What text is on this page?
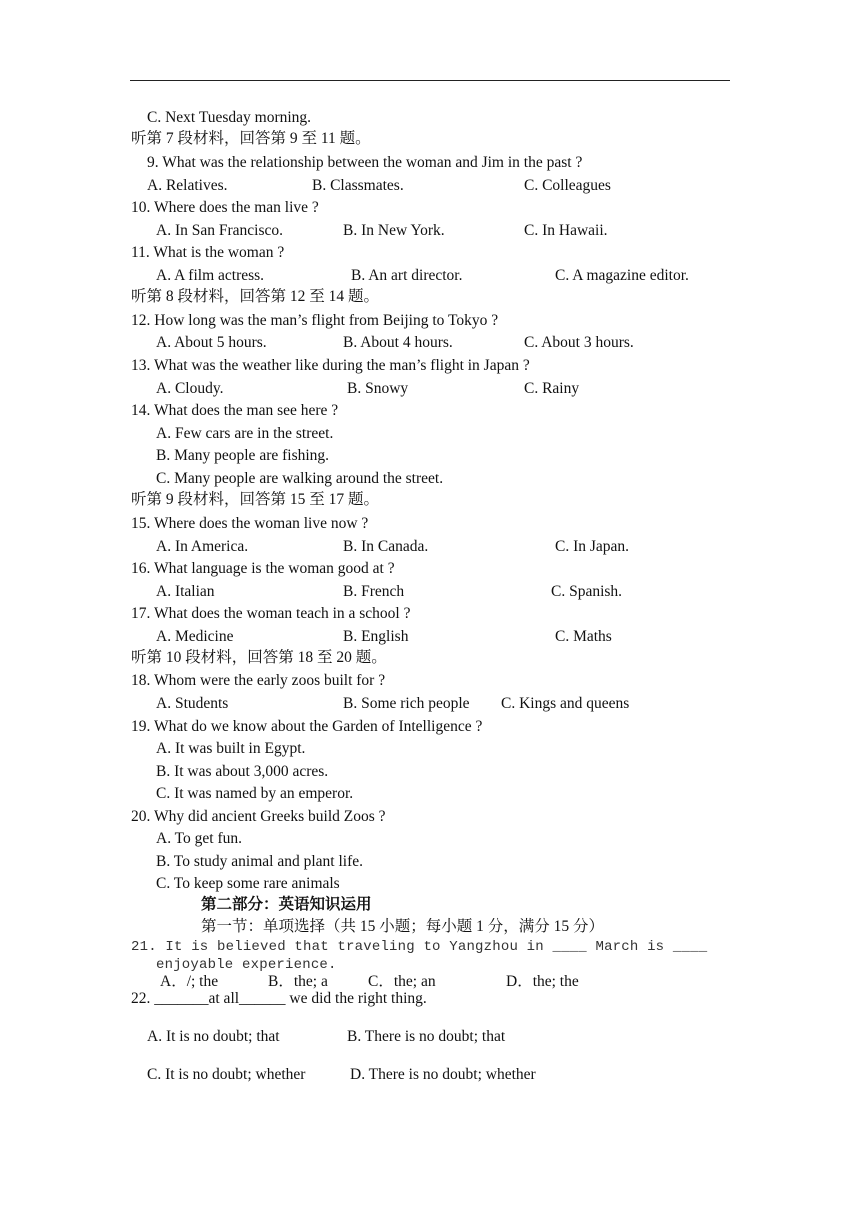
C. Next Tuesday morning.
听第 7 段材料，回答第 9 至 11 题。
9. What was the relationship between the woman and Jim in the past ?
A. Relatives.	B. Classmates.	C. Colleagues
10. Where does the man live ?
A. In San Francisco.	B. In New York.	C. In Hawaii.
11. What is the woman ?
A. A film actress.	B. An art director.	C. A magazine editor.
听第 8 段材料，回答第 12 至 14 题。
12. How long was the man’s flight from Beijing to Tokyo ?
A. About 5 hours.	B. About 4 hours.	C. About 3 hours.
13. What was the weather like during the man’s flight in Japan ?
A. Cloudy.	B. Snowy	C. Rainy
14. What does the man see here ?
A. Few cars are in the street.
B. Many people are fishing.
C. Many people are walking around the street.
听第 9 段材料，回答第 15 至 17 题。
15. Where does the woman live now ?
A. In America.	B. In Canada.	C. In Japan.
16. What language is the woman good at ?
A. Italian	B. French	C. Spanish.
17. What does the woman teach in a school ?
A. Medicine	B. English	C. Maths
听第 10 段材料，回答第 18 至 20 题。
18. Whom were the early zoos built for ?
A. Students	B. Some rich people C. Kings and queens
19. What do we know about the Garden of Intelligence ?
A. It was built in Egypt.
B. It was about 3,000 acres.
C. It was named by an emperor.
20. Why did ancient Greeks build Zoos ?
A. To get fun.
B. To study animal and plant life.
C. To keep some rare animals
第二部分：英语知识运用
第一节：单项选择（共 15 小题；每小题 1 分，满分 15 分）
21. It is believed that traveling to Yangzhou in ____ March is ____
enjoyable experience.
A．/; the	B．the; a	C．the; an	D．the; the
22. _______at all______ we did the right thing.
A. It is no doubt; that	B. There is no doubt; that
C. It is no doubt; whether	D. There is no doubt; whether
